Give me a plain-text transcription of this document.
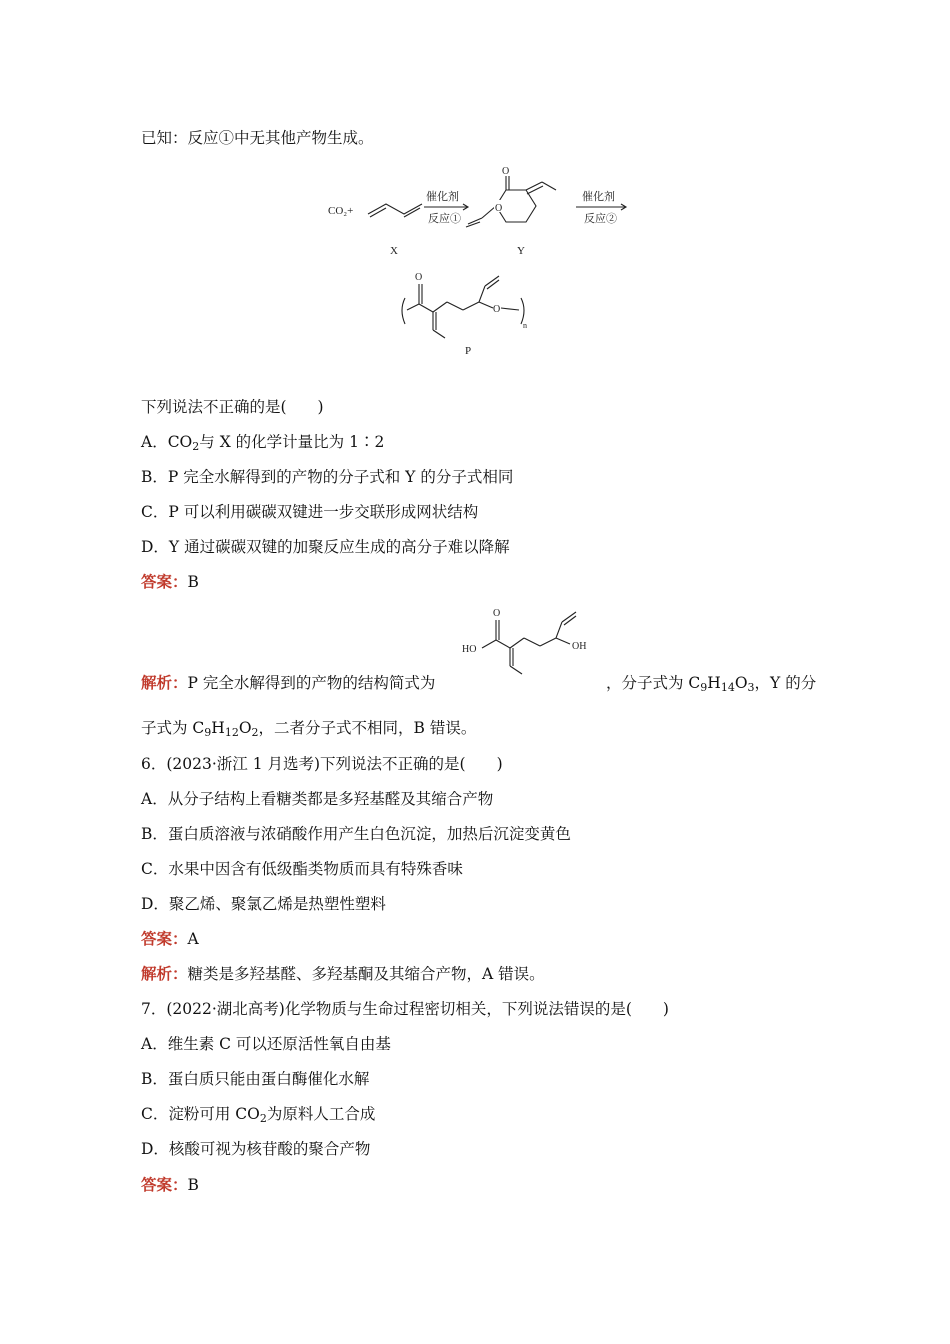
已知：反应①中无其他产物生成。
CO₂+
催化剂
反应①
O
O
催化剂
反应②
X	Y
O
O
n
P
下列说法不正确的是(　　)
A．$CO_2$与 X 的化学计量比为 1∶2
B．P 完全水解得到的产物的分子式和 Y 的分子式相同
C．P 可以利用碳碳双键进一步交联形成网状结构
D．Y 通过碳碳双键的加聚反应生成的高分子难以降解
答案：B
O
HO	OH
解析：P 完全水解得到的产物的结构简式为	，分子式为 $C_9H_{14}O_3$，Y 的分
子式为 $C_9H_{12}O_2$，二者分子式不相同，B 错误。
6．(2023·浙江 1 月选考)下列说法不正确的是(　　)
A．从分子结构上看糖类都是多羟基醛及其缩合产物
B．蛋白质溶液与浓硝酸作用产生白色沉淀，加热后沉淀变黄色
C．水果中因含有低级酯类物质而具有特殊香味
D．聚乙烯、聚氯乙烯是热塑性塑料
答案：A
解析：糖类是多羟基醛、多羟基酮及其缩合产物，A 错误。
7．(2022·湖北高考)化学物质与生命过程密切相关，下列说法错误的是(　　)
A．维生素 C 可以还原活性氧自由基
B．蛋白质只能由蛋白酶催化水解
C．淀粉可用 $CO_2$为原料人工合成
D．核酸可视为核苷酸的聚合产物
答案：B
